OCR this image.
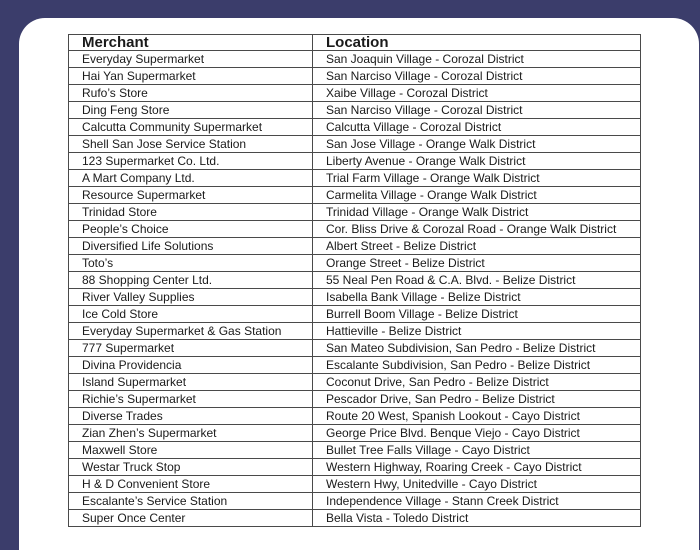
Merchant	Location
Everyday Supermarket	San Joaquin Village - Corozal District
Hai Yan Supermarket	San Narciso Village - Corozal District
Rufo’s Store	Xaibe Village - Corozal District
Ding Feng Store	San Narciso Village - Corozal District
Calcutta Community Supermarket	Calcutta Village - Corozal District
Shell San Jose Service Station	San Jose Village - Orange Walk District
123 Supermarket Co. Ltd.	Liberty Avenue - Orange Walk District
A Mart Company Ltd.	Trial Farm Village - Orange Walk District
Resource Supermarket	Carmelita Village - Orange Walk District
Trinidad Store	Trinidad Village - Orange Walk District
People’s Choice	Cor. Bliss Drive & Corozal Road - Orange Walk District
Diversified Life Solutions	Albert Street - Belize District
Toto’s	Orange Street - Belize District
88 Shopping Center Ltd.	55 Neal Pen Road & C.A. Blvd. - Belize District
River Valley Supplies	Isabella Bank Village - Belize District
Ice Cold Store	Burrell Boom Village - Belize District
Everyday Supermarket & Gas Station	Hattieville - Belize District
777 Supermarket	San Mateo Subdivision, San Pedro - Belize District
Divina Providencia	Escalante Subdivision, San Pedro - Belize District
Island Supermarket	Coconut Drive, San Pedro - Belize District
Richie’s Supermarket	Pescador Drive, San Pedro - Belize District
Diverse Trades	Route 20 West, Spanish Lookout - Cayo District
Zian Zhen’s Supermarket	George Price Blvd. Benque Viejo - Cayo District
Maxwell Store	Bullet Tree Falls Village - Cayo District
Westar Truck Stop	Western Highway, Roaring Creek - Cayo District
H & D Convenient Store	Western Hwy, Unitedville - Cayo District
Escalante’s Service Station	Independence Village - Stann Creek District
Super Once Center	Bella Vista - Toledo District
